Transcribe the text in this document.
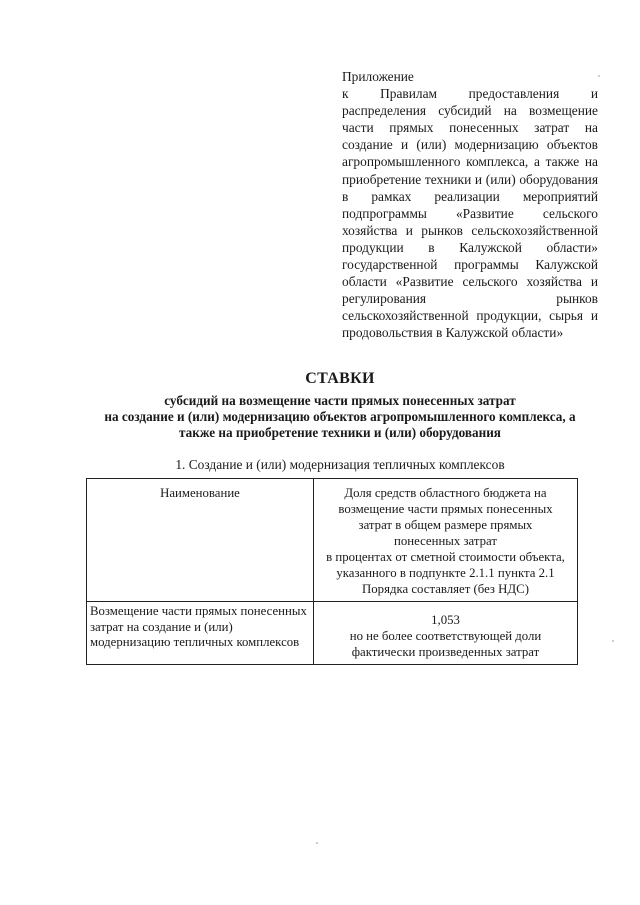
Приложение
к Правилам предоставления и распределения субсидий на возмещение части прямых понесенных затрат на создание и (или) модернизацию объектов агропромышленного комплекса, а также на приобретение техники и (или) оборудования в рамках реализации мероприятий подпрограммы «Развитие сельского хозяйства и рынков сельскохозяйственной продукции в Калужской области» государственной программы Калужской области «Развитие сельского хозяйства и регулирования рынков сельскохозяйственной продукции, сырья и продовольствия в Калужской области»
СТАВКИ
субсидий на возмещение части прямых понесенных затрат
на создание и (или) модернизацию объектов агропромышленного комплекса, а
также на приобретение техники и (или) оборудования
1. Создание и (или) модернизация тепличных комплексов
Наименование	Доля средств областного бюджета на возмещение части прямых понесенных затрат в общем размере прямых понесенных затрат
в процентах от сметной стоимости объекта, указанного в подпункте 2.1.1 пункта 2.1 Порядка составляет (без НДС)

Возмещение части прямых понесенных затрат на создание и (или) модернизацию тепличных комплексов	1,053
но не более соответствующей доли фактически произведенных затрат
